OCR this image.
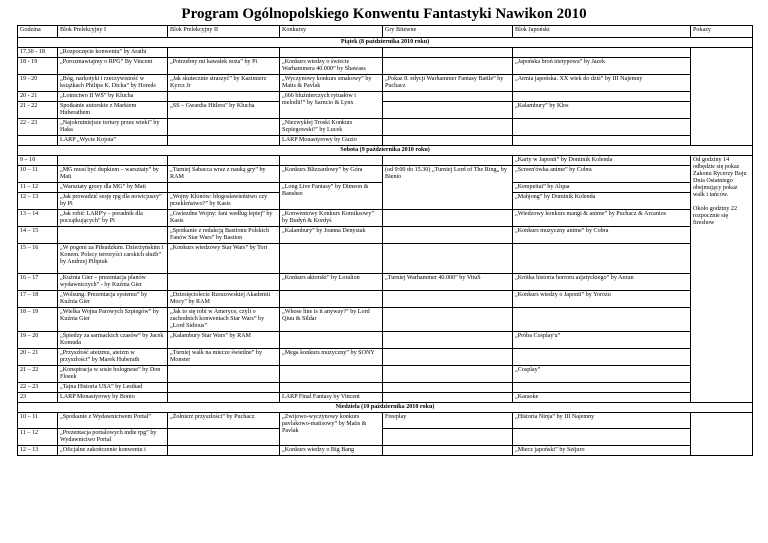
Program Ogólnopolskiego Konwentu Fantastyki Nawikon 2010
Godzina	Blok Prelekcyjny I	Blok Prelekcyjny II	Konkursy	Gry Bitewne	Blok Japoński	Pokazy
Piątek (8 października 2010 roku)						
17.30 - 18	„Rozpoczęcie konwentu” by Arathi					
18 - 19	„Porozmawiajmy o RPG” By Vincent	„Potrzebny mi kawałek noża” by Pi	„Konkurs wiedzy o świecie Warhammera 40.000” by Shawass		„Japońska broń nietypowa” by Jacek	
19 - 20	„Bóg, narkotyki i rzeczywistość w książkach Philipa K. Dicka” by Horeds	„Jak skutecznie straszyć” by Kazimierz Kyrcz Jr	„Wyczynowy konkurs smakowy” by Matis & Pavlak	„Pokaz 8. edycji Warhammer Fantasy Battle” by Puchacz	„Armia japońska. XX wiek do dziś” by III Najemny	
20 - 21	„Lotnictwo II WŚ” by Klucha		„666 bluźnierczych rytuałów i melodii!” by Sarncio & Lynx			
21 - 22	Spotkanie autorskie z Markiem Huberathem	„SS – Gwardia Hitlera” by Klucha			„Kalambury” by Klos	
22 - 23	„Najokrutniejsze tortury przez wieki” by Haka		„Niezwykłej Troski Konkurs Szpiegowski!” by Lucek			
	LARP „Wycie Kojota”		LARP Monastyrowy by Guzio			
Sobota (9 października 2010 roku)						
9 – 10					„Karty w Japonii” by Dominik Kolenda	Od godziny 14 odbędzie się pokaz Zakonu Rycerzy Boju Dnia Ostatniego obejmujący pokaz walk i tańców.

Około godziny 22 rozpocznie się fireshow
10 – 11	„MG musi być dupkiem – warsztaty” by Mati	„Turniej Sabacca wraz z nauką gry” by RAM	„Konkurs Blizzardowy” by Góra	(od 9:00 do 15.30) „Turniej Lord of The Ring„ by Bienio	„Screen'ówka anime” by Cobra	
11 – 12	„Warsztaty grozy dla MG” by Mati		„Long Live Fantasy” by Dimeon & Banshee		„Kempeitai” by Alqua	
12 – 13	„Jak prowadzić sesję rpg dla nowicjuszy” by Pi	„Wojny Klonów: błogosławieństwo czy przekleństwo?” by Kasis			„Mahjong” by Dominik Kolenda	
13 – 14	„Jak robić LARP'y – poradnik dla początkujących” by Pi	„Gwiezdne Wojny: fani według lepiej” by Kasis	„Konwentowy Konkurs Komiksowy” by Budyń & Kordyś		„Wiedzowy konkurs mangi & anime” by Puchacz & Arcanios	
14 – 15		„Spotkanie z redakcją Bastionu Polskich Fanów Star Wars” by Bastion	„Kalambury” by Joanna Denysiak		„Konkurs muzyczny anime” by Cobra	
15 – 16	„W pogoni za Piłsudzkim. Dzierżyńskim i Konem. Polscy terroryści carskich służb” by Andrzej Pilipiuk	„Konkurs wiedzowy Star Wars” by Tori				
16 – 17	„Kuźnia Gier – prezentacja planów wydawniczych” - by Kuźnia Gier		„Konkurs aktorski” by Loralion	„Turniej Warhammer 40.000” by VituŚ	„Krótka historia horroru azjatyckiego” by Aezan	
17 – 18	„Wolsung. Prezentacja systemu” by Kuźnia Gier	„Dziesięciolecie Rzeszowskiej Akademii Mocy” by RAM			„Konkurs wiedzy o Japonii” by Yorozu	
18 – 19	„Wielka Wojna Parowych Szpiegów” by Kuźnia Gier	„Jak to się robi w Ameryce, czyli o zachodnich konwentach Star Wars” by „Lord Sidious”	„Whose line is it anyway?” by Lord Qiuu & Sildar			
19 – 20	„Śpiedzy za sarmackich czasów” by Jacek Komuda	„Kalambury Star Wars” by RAM			„Próba Cosplay'u”	
20 – 21	„Przyszłość ateizmu, ateizm w przyszłości” by Marek Huberath	„Turniej walk na miecze świetlne” by Monster	„Mega konkurs muzyczny” by SONY			
21 – 22	„Konspiracja w sosie bolognese” by Don Floeek				„Cosplay”	
22 – 23	„Tajna Historia USA” by Lesthad					
23	LARP Monastyrowy by Bonio		LARP Final Fantasy by Vincent		„Karaoke	
Niedziela (10 października 2010 roku)						
10 – 11	„Spotkanie z Wydawnictwem Portal”	„Żołnierz przyszłości” by Puchacz	„Zwijowo-wyczynowy konkurs pavlakowo-matisowy” by Matis & Pavlak	Freeplay	„Historia Ninja” by III Najemny	
11 – 12	„Prezentacja portalowych indie rpg” by Wydawnictwo Portal					
12 – 13	„Oficjalne zakończenie konwentu i		„Konkurs wiedzy o Big Bang		„Miecz japoński” by Seijuro	
